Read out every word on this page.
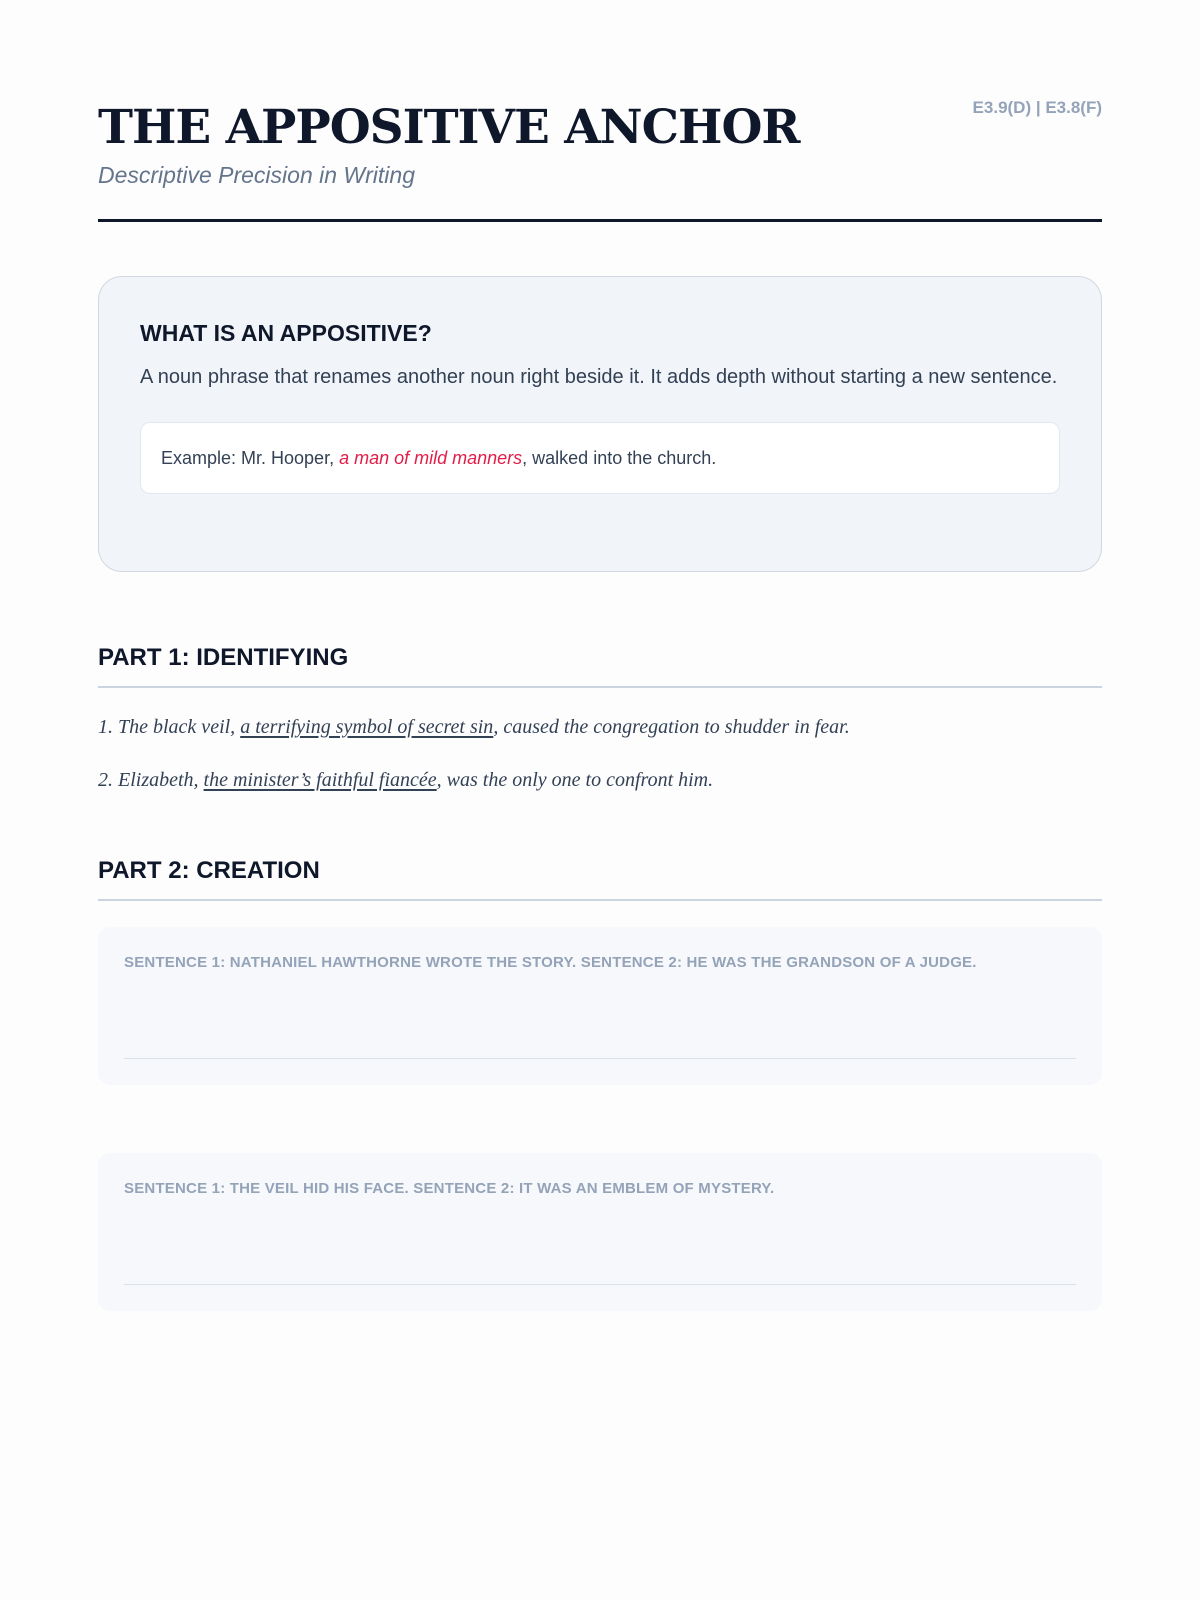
THE APPOSITIVE ANCHOR

Descriptive Precision in Writing

E3.9(D) | E3.8(F)
WHAT IS AN APPOSITIVE?

A noun phrase that renames another noun right beside it. It adds depth without starting a new sentence.

Example: Mr. Hooper, a man of mild manners , walked into the church.
PART 1: IDENTIFYING
1. The black veil, a terrifying symbol of secret sin, caused the congregation to shudder in fear.
2. Elizabeth, the minister’s faithful fiancée, was the only one to confront him.
PART 2: CREATION

SENTENCE 1: NATHANIEL HAWTHORNE WROTE THE STORY. SENTENCE 2: HE WAS THE GRANDSON OF A JUDGE.

SENTENCE 1: THE VEIL HID HIS FACE. SENTENCE 2: IT WAS AN EMBLEM OF MYSTERY.
